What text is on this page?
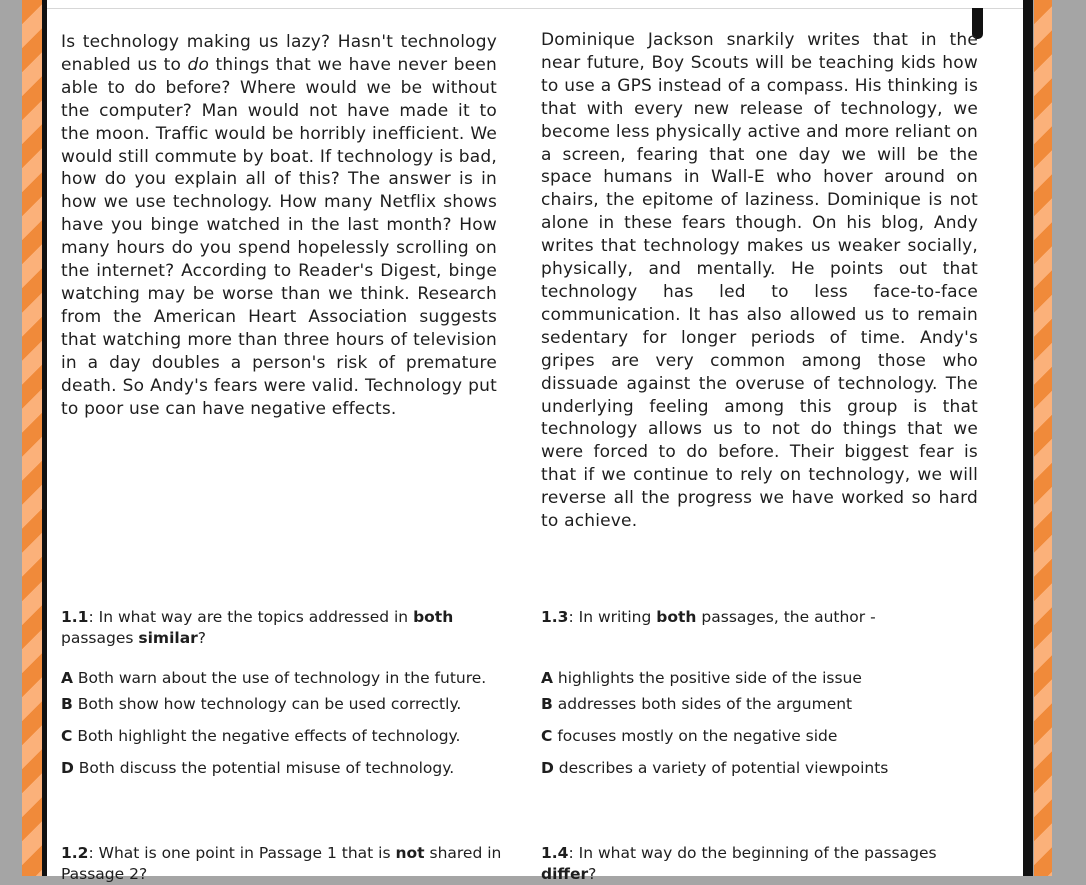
Is technology making us lazy? Hasn't technology enabled us to do things that we have never been able to do before? Where would we be without the computer? Man would not have made it to the moon. Traffic would be horribly inefficient. We would still commute by boat. If technology is bad, how do you explain all of this? The answer is in how we use technology. How many Netflix shows have you binge watched in the last month? How many hours do you spend hopelessly scrolling on the internet? According to Reader's Digest, binge watching may be worse than we think. Research from the American Heart Association suggests that watching more than three hours of television in a day doubles a person's risk of premature death. So Andy's fears were valid. Technology put to poor use can have negative effects.

Dominique Jackson snarkily writes that in the near future, Boy Scouts will be teaching kids how to use a GPS instead of a compass. His thinking is that with every new release of technology, we become less physically active and more reliant on a screen, fearing that one day we will be the space humans in Wall-E who hover around on chairs, the epitome of laziness. Dominique is not alone in these fears though. On his blog, Andy writes that technology makes us weaker socially, physically, and mentally. He points out that technology has led to less face-to-face communication. It has also allowed us to remain sedentary for longer periods of time. Andy's gripes are very common among those who dissuade against the overuse of technology. The underlying feeling among this group is that technology allows us to not do things that we were forced to do before. Their biggest fear is that if we continue to rely on technology, we will reverse all the progress we have worked so hard to achieve.

1.1: In what way are the topics addressed in both passages similar?

1.3: In writing both passages, the author -

A Both warn about the use of technology in the future.

B Both show how technology can be used correctly.

C Both highlight the negative effects of technology.

D Both discuss the potential misuse of technology.

A highlights the positive side of the issue

B addresses both sides of the argument

C focuses mostly on the negative side

D describes a variety of potential viewpoints

1.2: What is one point in Passage 1 that is not shared in Passage 2?

1.4: In what way do the beginning of the passages differ?
